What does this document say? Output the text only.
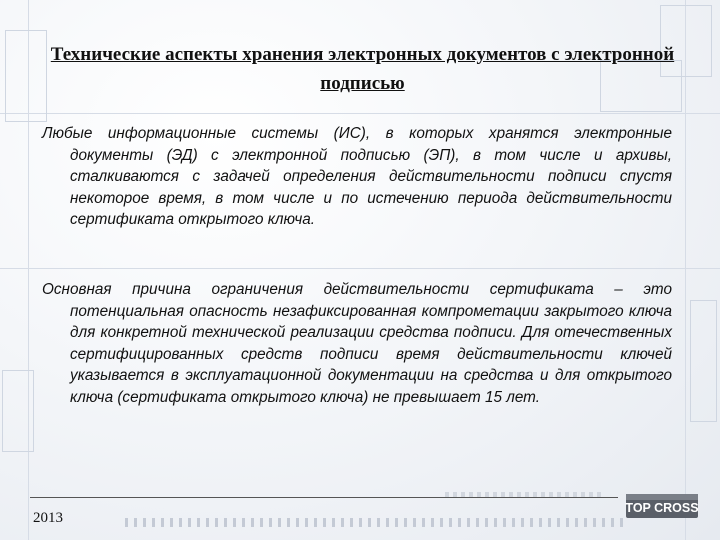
Технические аспекты хранения электронных документов с электронной подписью

Любые информационные системы (ИС), в которых хранятся электронные документы (ЭД) с электронной подписью (ЭП), в том числе и архивы, сталкиваются с задачей определения действительности подписи спустя некоторое время, в том числе и по истечению периода действительности сертификата открытого ключа.

Основная причина ограничения действительности сертификата – это потенциальная опасность незафиксированная компрометации закрытого ключа для конкретной технической реализации средства подписи. Для отечественных сертифицированных средств подписи время действительности ключей указывается в эксплуатационной документации на средства и для открытого ключа (сертификата открытого ключа) не превышает 15 лет.

2013
TOP CROSS
